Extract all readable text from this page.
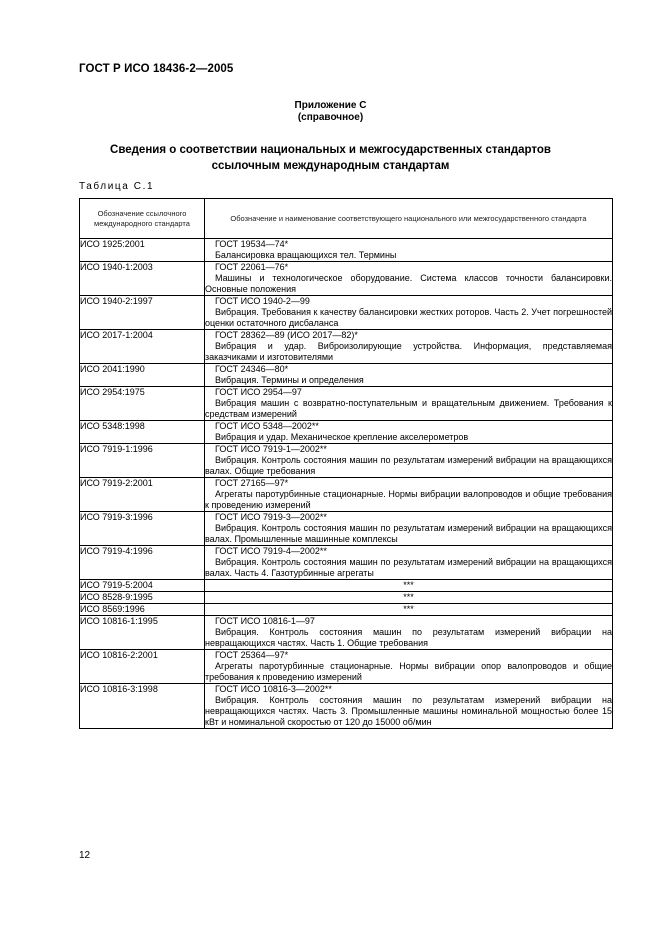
ГОСТ Р ИСО 18436-2—2005
Приложение С
(справочное)
Сведения о соответствии национальных и межгосударственных стандартов
ссылочным международным стандартам
Таблица С.1
Обозначение ссылочного международного стандарта	Обозначение и наименование соответствующего национального или межгосударственного стандарта
ИСО 1925:2001	ГОСТ 19534—74*
Балансировка вращающихся тел. Термины

ИСО 1940-1:2003	ГОСТ 22061—76*
Машины и технологическое оборудование. Система классов точности балансировки. Основные положения

ИСО 1940-2:1997	ГОСТ ИСО 1940-2—99
Вибрация. Требования к качеству балансировки жестких роторов. Часть 2. Учет погрешностей оценки остаточного дисбаланса

ИСО 2017-1:2004	ГОСТ 28362—89 (ИСО 2017—82)*
Вибрация и удар. Виброизолирующие устройства. Информация, представляемая заказчиками и изготовителями

ИСО 2041:1990	ГОСТ 24346—80*
Вибрация. Термины и определения

ИСО 2954:1975	ГОСТ ИСО 2954—97
Вибрация машин с возвратно-поступательным и вращательным движением. Требования к средствам измерений

ИСО 5348:1998	ГОСТ ИСО 5348—2002**
Вибрация и удар. Механическое крепление акселерометров

ИСО 7919-1:1996	ГОСТ ИСО 7919-1—2002**
Вибрация. Контроль состояния машин по результатам измерений вибрации на вращающихся валах. Общие требования

ИСО 7919-2:2001	ГОСТ 27165—97*
Агрегаты паротурбинные стационарные. Нормы вибрации валопроводов и общие требования к проведению измерений

ИСО 7919-3:1996	ГОСТ ИСО 7919-3—2002**
Вибрация. Контроль состояния машин по результатам измерений вибрации на вращающихся валах. Промышленные машинные комплексы

ИСО 7919-4:1996	ГОСТ ИСО 7919-4—2002**
Вибрация. Контроль состояния машин по результатам измерений вибрации на вращающихся валах. Часть 4. Газотурбинные агрегаты

ИСО 7919-5:2004	***
ИСО 8528-9:1995	***
ИСО 8569:1996	***
ИСО 10816-1:1995	ГОСТ ИСО 10816-1—97
Вибрация. Контроль состояния машин по результатам измерений вибрации на невращающихся частях. Часть 1. Общие требования

ИСО 10816-2:2001	ГОСТ 25364—97*
Агрегаты паротурбинные стационарные. Нормы вибрации опор валопроводов и общие требования к проведению измерений

ИСО 10816-3:1998	ГОСТ ИСО 10816-3—2002**
Вибрация. Контроль состояния машин по результатам измерений вибрации на невращающихся частях. Часть 3. Промышленные машины номинальной мощностью более 15 кВт и номинальной скоростью от 120 до 15000 об/мин
12
